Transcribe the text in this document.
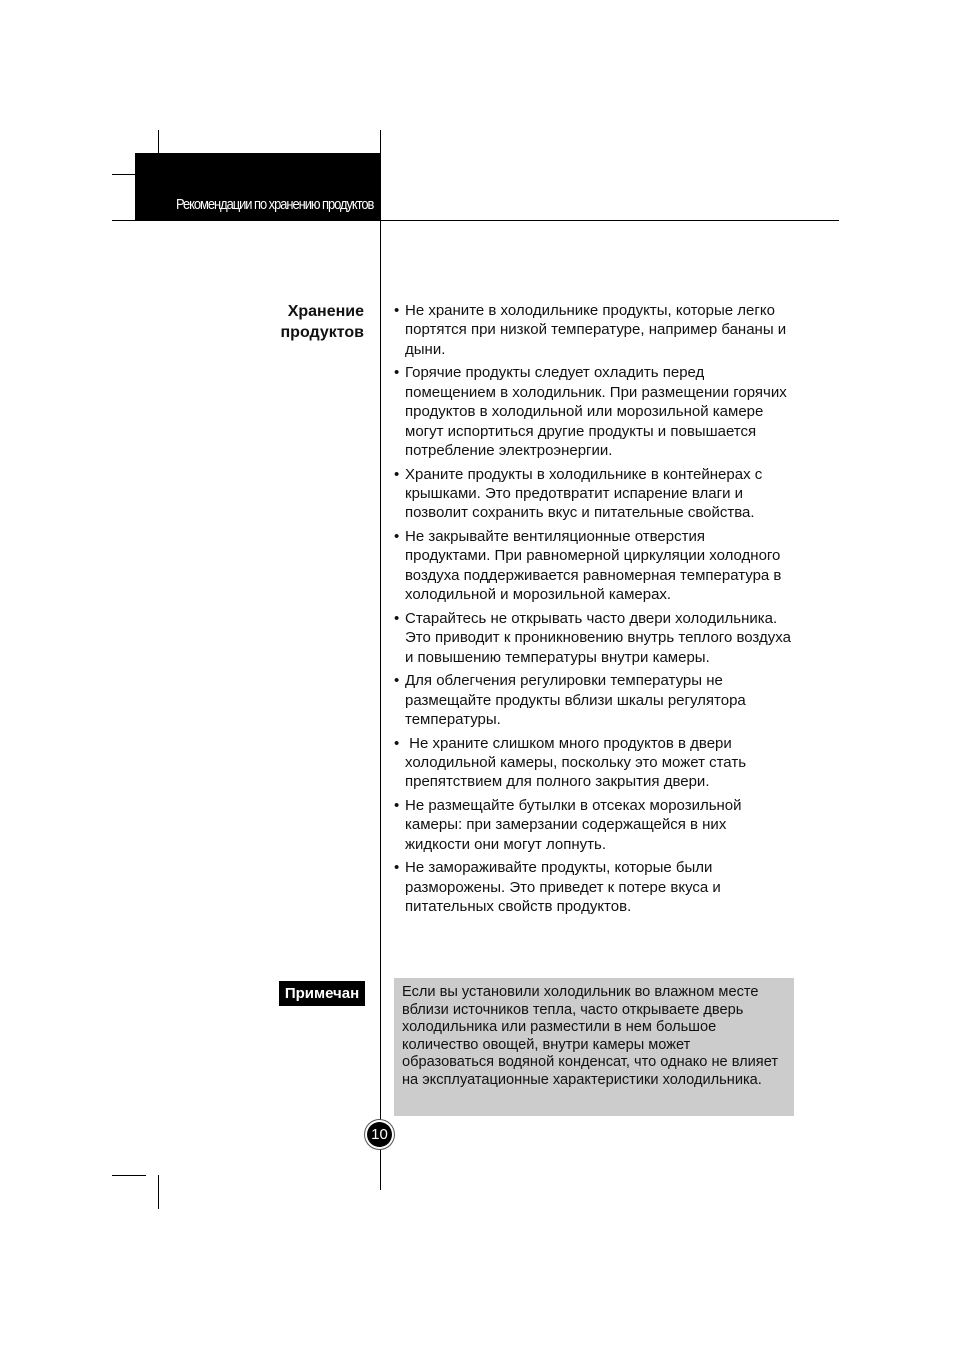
Рекомендации по хранению продуктов
Хранение
продуктов
• Не храните в холодильнике продукты, которые легко портятся при низкой температуре, например бананы и дыни.
• Горячие продукты следует охладить перед помещением в холодильник. При размещении горячих продуктов в холодильной или морозильной камере могут испортиться другие продукты и повышается потребление электроэнергии.
• Храните продукты в холодильнике в контейнерах с крышками. Это предотвратит испарение влаги и позволит сохранить вкус и питательные свойства.
• Не закрывайте вентиляционные отверстия продуктами. При равномерной циркуляции холодного воздуха поддерживается равномерная температура в холодильной и морозильной камерах.
• Старайтесь не открывать часто двери холодильника. Это приводит к проникновению внутрь теплого воздуха и повышению температуры внутри камеры.
• Для облегчения регулировки температуры не размещайте продукты вблизи шкалы регулятора температуры.
•  Не храните слишком много продуктов в двери холодильной камеры, поскольку это может стать препятствием для полного закрытия двери.
• Не размещайте бутылки в отсеках морозильной камеры: при замерзании содержащейся в них жидкости они могут лопнуть.
• Не замораживайте продукты, которые были разморожены. Это приведет к потере вкуса и питательных свойств продуктов.
Примечан	Если вы установили холодильник во влажном месте вблизи источников тепла, часто открываете дверь холодильника или разместили в нем большое количество овощей, внутри камеры может образоваться водяной конденсат, что однако не влияет на эксплуатационные характеристики холодильника.
10
